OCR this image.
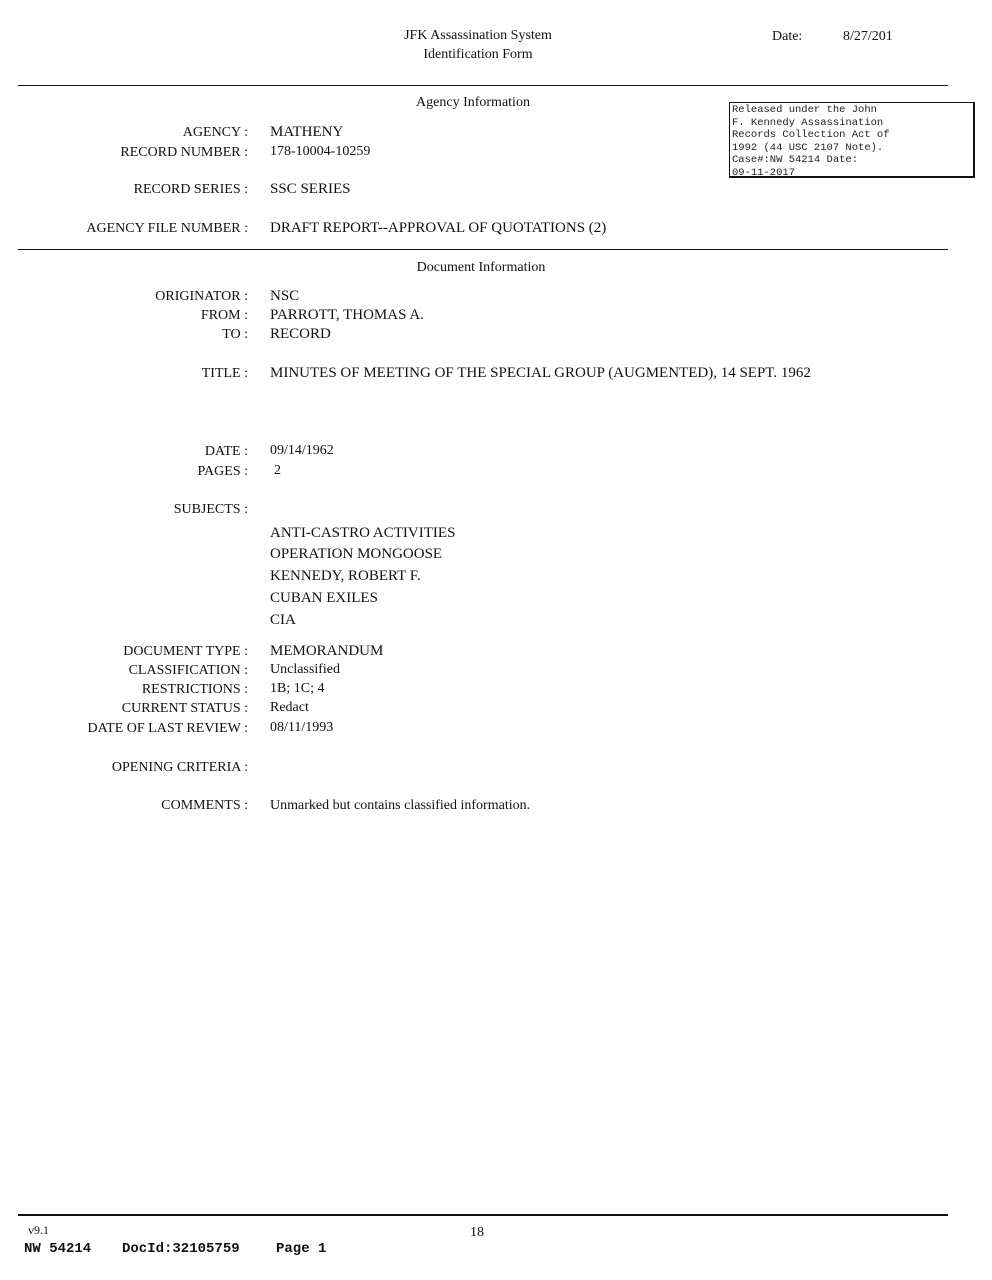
JFK Assassination System
Identification Form
Date:	8/27/201
Released under the John
F. Kennedy Assassination
Records Collection Act of
1992 (44 USC 2107 Note).
Case#:NW 54214 Date:
09-11-2017
Agency Information
AGENCY : MATHENY
RECORD NUMBER : 178-10004-10259
RECORD SERIES : SSC SERIES
AGENCY FILE NUMBER : DRAFT REPORT--APPROVAL OF QUOTATIONS (2)
Document Information
ORIGINATOR : NSC
FROM : PARROTT, THOMAS A.
TO : RECORD
TITLE : MINUTES OF MEETING OF THE SPECIAL GROUP (AUGMENTED), 14 SEPT. 1962
DATE : 09/14/1962
PAGES : 2
SUBJECTS :
ANTI-CASTRO ACTIVITIES
OPERATION MONGOOSE
KENNEDY, ROBERT F.
CUBAN EXILES
CIA
DOCUMENT TYPE : MEMORANDUM
CLASSIFICATION : Unclassified
RESTRICTIONS : 1B; 1C; 4
CURRENT STATUS : Redact
DATE OF LAST REVIEW : 08/11/1993
OPENING CRITERIA :
COMMENTS : Unmarked but contains classified information.
v9.1	18
NW 54214 DocId:32105759	Page 1
